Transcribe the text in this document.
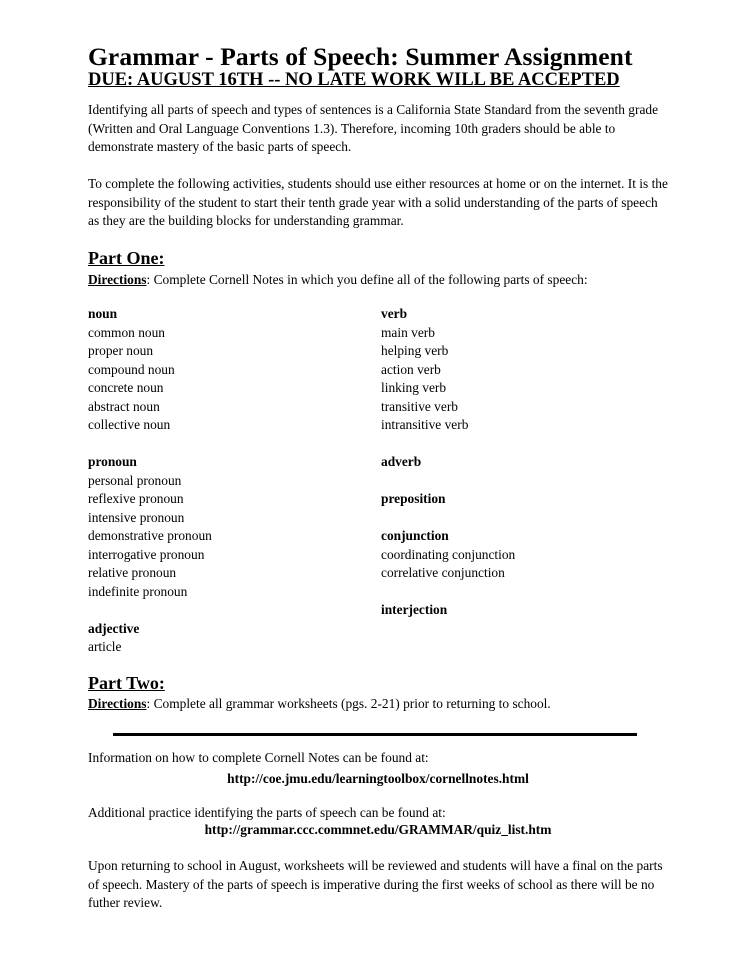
Grammar - Parts of Speech: Summer Assignment
DUE: AUGUST 16TH -- NO LATE WORK WILL BE ACCEPTED
Identifying all parts of speech and types of sentences is a California State Standard from the seventh grade (Written and Oral Language Conventions 1.3). Therefore, incoming 10th graders should be able to demonstrate mastery of the basic parts of speech.
To complete the following activities, students should use either resources at home or on the internet. It is the responsibility of the student to start their tenth grade year with a solid understanding of the parts of speech as they are the building blocks for understanding grammar.
Part One:
Directions: Complete Cornell Notes in which you define all of the following parts of speech:
noun
common noun
proper noun
compound noun
concrete noun
abstract noun
collective noun
pronoun
personal pronoun
reflexive pronoun
intensive pronoun
demonstrative pronoun
interrogative pronoun
relative pronoun
indefinite pronoun
adjective
article
verb
main verb
helping verb
action verb
linking verb
transitive verb
intransitive verb
adverb
preposition
conjunction
coordinating conjunction
correlative conjunction
interjection
Part Two:
Directions: Complete all grammar worksheets (pgs. 2-21) prior to returning to school.
Information on how to complete Cornell Notes can be found at:
http://coe.jmu.edu/learningtoolbox/cornellnotes.html
Additional practice identifying the parts of speech can be found at:
http://grammar.ccc.commnet.edu/GRAMMAR/quiz_list.htm
Upon returning to school in August, worksheets will be reviewed and students will have a final on the parts of speech. Mastery of the parts of speech is imperative during the first weeks of school as there will be no futher review.
